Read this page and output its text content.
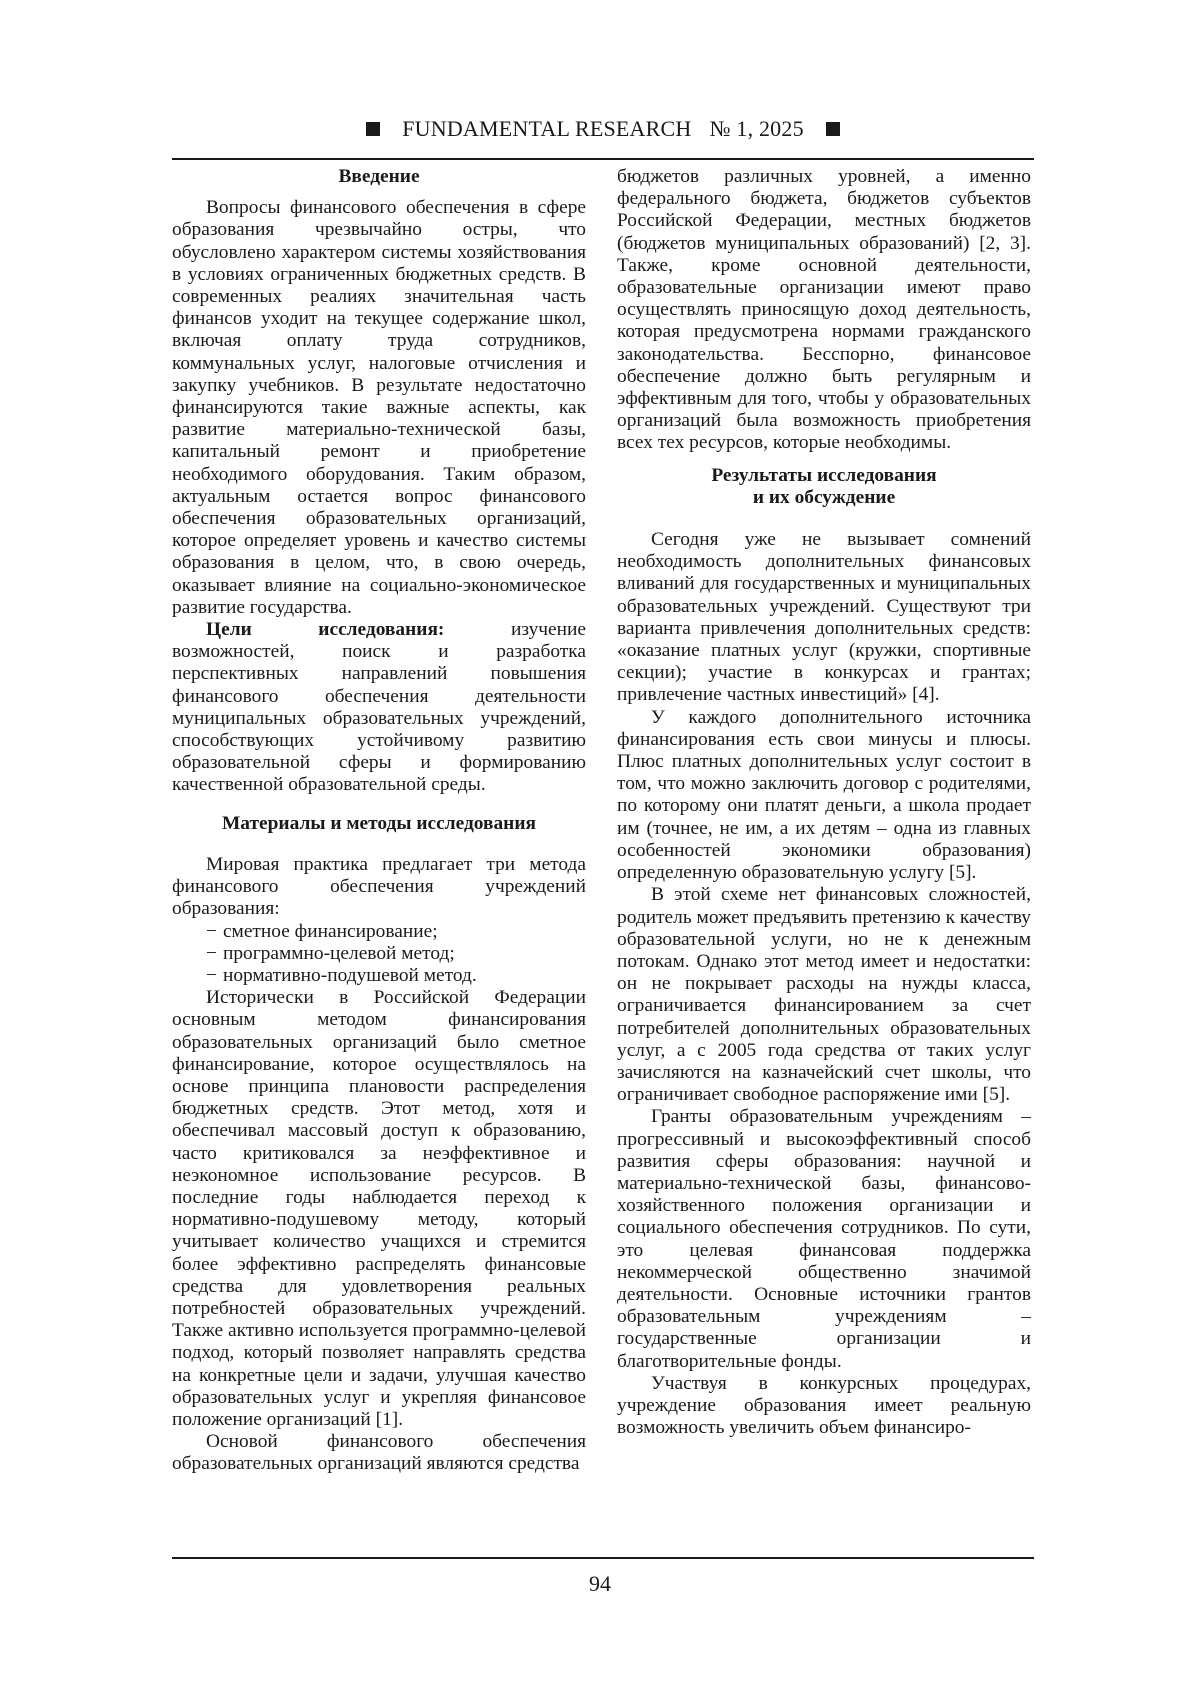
FUNDAMENTAL RESEARCH № 1, 2025
Введение

Вопросы финансового обеспечения в сфере образования чрезвычайно остры, что обусловлено характером системы хозяйствования в условиях ограниченных бюджетных средств. В современных реалиях значительная часть финансов уходит на текущее содержание школ, включая оплату труда сотрудников, коммунальных услуг, налоговые отчисления и закупку учебников. В результате недостаточно финансируются такие важные аспекты, как развитие материально-технической базы, капитальный ремонт и приобретение необходимого оборудования. Таким образом, актуальным остается вопрос финансового обеспечения образовательных организаций, которое определяет уровень и качество системы образования в целом, что, в свою очередь, оказывает влияние на социально-экономическое развитие государства.

Цели исследования: изучение возможностей, поиск и разработка перспективных направлений повышения финансового обеспечения деятельности муниципальных образовательных учреждений, способствующих устойчивому развитию образовательной сферы и формированию качественной образовательной среды.

Материалы и методы исследования

Мировая практика предлагает три метода финансового обеспечения учреждений образования:

− сметное финансирование;
− программно-целевой метод;
− нормативно-подушевой метод.

Исторически в Российской Федерации основным методом финансирования образовательных организаций было сметное финансирование, которое осуществлялось на основе принципа плановости распределения бюджетных средств. Этот метод, хотя и обеспечивал массовый доступ к образованию, часто критиковался за неэффективное и неэкономное использование ресурсов. В последние годы наблюдается переход к нормативно-подушевому методу, который учитывает количество учащихся и стремится более эффективно распределять финансовые средства для удовлетворения реальных потребностей образовательных учреждений. Также активно используется программно-целевой подход, который позволяет направлять средства на конкретные цели и задачи, улучшая качество образовательных услуг и укрепляя финансовое положение организаций [1].

Основой финансового обеспечения образовательных организаций являются средства

бюджетов различных уровней, а именно федерального бюджета, бюджетов субъектов Российской Федерации, местных бюджетов (бюджетов муниципальных образований) [2, 3]. Также, кроме основной деятельности, образовательные организации имеют право осуществлять приносящую доход деятельность, которая предусмотрена нормами гражданского законодательства. Бесспорно, финансовое обеспечение должно быть регулярным и эффективным для того, чтобы у образовательных организаций была возможность приобретения всех тех ресурсов, которые необходимы.

Результаты исследования
и их обсуждение

Сегодня уже не вызывает сомнений необходимость дополнительных финансовых вливаний для государственных и муниципальных образовательных учреждений. Существуют три варианта привлечения дополнительных средств: «оказание платных услуг (кружки, спортивные секции); участие в конкурсах и грантах; привлечение частных инвестиций» [4].

У каждого дополнительного источника финансирования есть свои минусы и плюсы. Плюс платных дополнительных услуг состоит в том, что можно заключить договор с родителями, по которому они платят деньги, а школа продает им (точнее, не им, а их детям – одна из главных особенностей экономики образования) определенную образовательную услугу [5].

В этой схеме нет финансовых сложностей, родитель может предъявить претензию к качеству образовательной услуги, но не к денежным потокам. Однако этот метод имеет и недостатки: он не покрывает расходы на нужды класса, ограничивается финансированием за счет потребителей дополнительных образовательных услуг, а с 2005 года средства от таких услуг зачисляются на казначейский счет школы, что ограничивает свободное распоряжение ими [5].

Гранты образовательным учреждениям – прогрессивный и высокоэффективный способ развития сферы образования: научной и материально-технической базы, финансово-хозяйственного положения организации и социального обеспечения сотрудников. По сути, это целевая финансовая поддержка некоммерческой общественно значимой деятельности. Основные источники грантов образовательным учреждениям – государственные организации и благотворительные фонды.

Участвуя в конкурсных процедурах, учреждение образования имеет реальную возможность увеличить объем финансиро-

94
